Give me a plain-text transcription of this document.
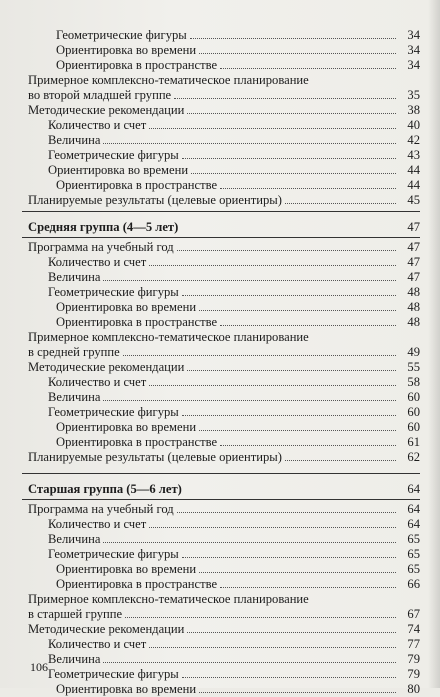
Геометрические фигуры	34
Ориентировка во времени	34
Ориентировка в пространстве	34
Примерное комплексно-тематическое планирование
во второй младшей группе	35
Методические рекомендации	38
Количество и счет	40
Величина	42
Геометрические фигуры	43
Ориентировка во времени	44
Ориентировка в пространстве	44
Планируемые результаты (целевые ориентиры)	45
Средняя группа (4—5 лет)	47
Программа на учебный год	47
Количество и счет	47
Величина	47
Геометрические фигуры	48
Ориентировка во времени	48
Ориентировка в пространстве	48
Примерное комплексно-тематическое планирование
в средней группе	49
Методические рекомендации	55
Количество и счет	58
Величина	60
Геометрические фигуры	60
Ориентировка во времени	60
Ориентировка в пространстве	61
Планируемые результаты (целевые ориентиры)	62
Старшая группа (5—6 лет)	64
Программа на учебный год	64
Количество и счет	64
Величина	65
Геометрические фигуры	65
Ориентировка во времени	65
Ориентировка в пространстве	66
Примерное комплексно-тематическое планирование
в старшей группе	67
Методические рекомендации	74
Количество и счет	77
Величина	79
Геометрические фигуры	79
Ориентировка во времени	80
106
